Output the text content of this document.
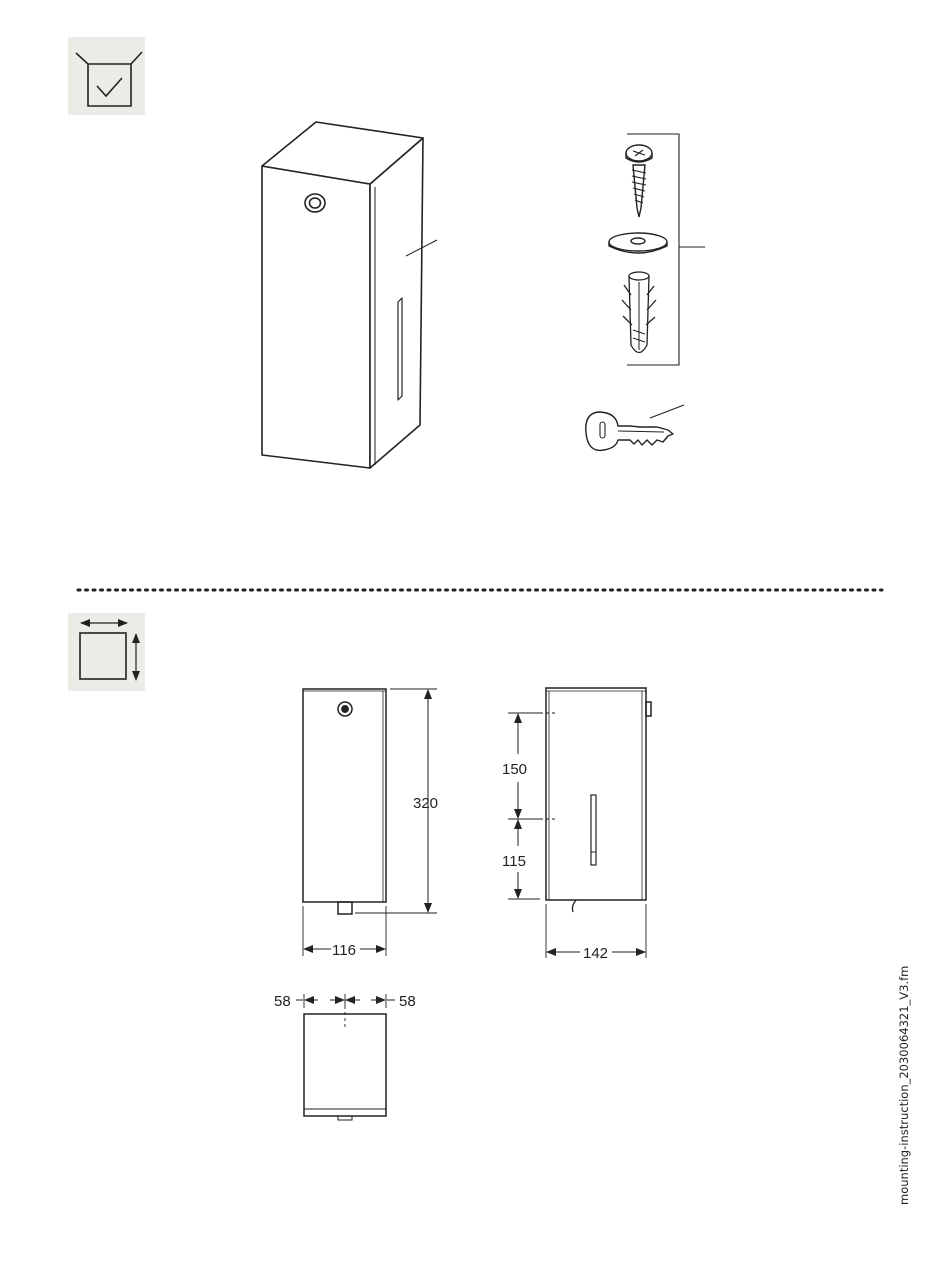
320
116
150
115
142
58	58	mounting-instruction_2030064321_V3.fm
